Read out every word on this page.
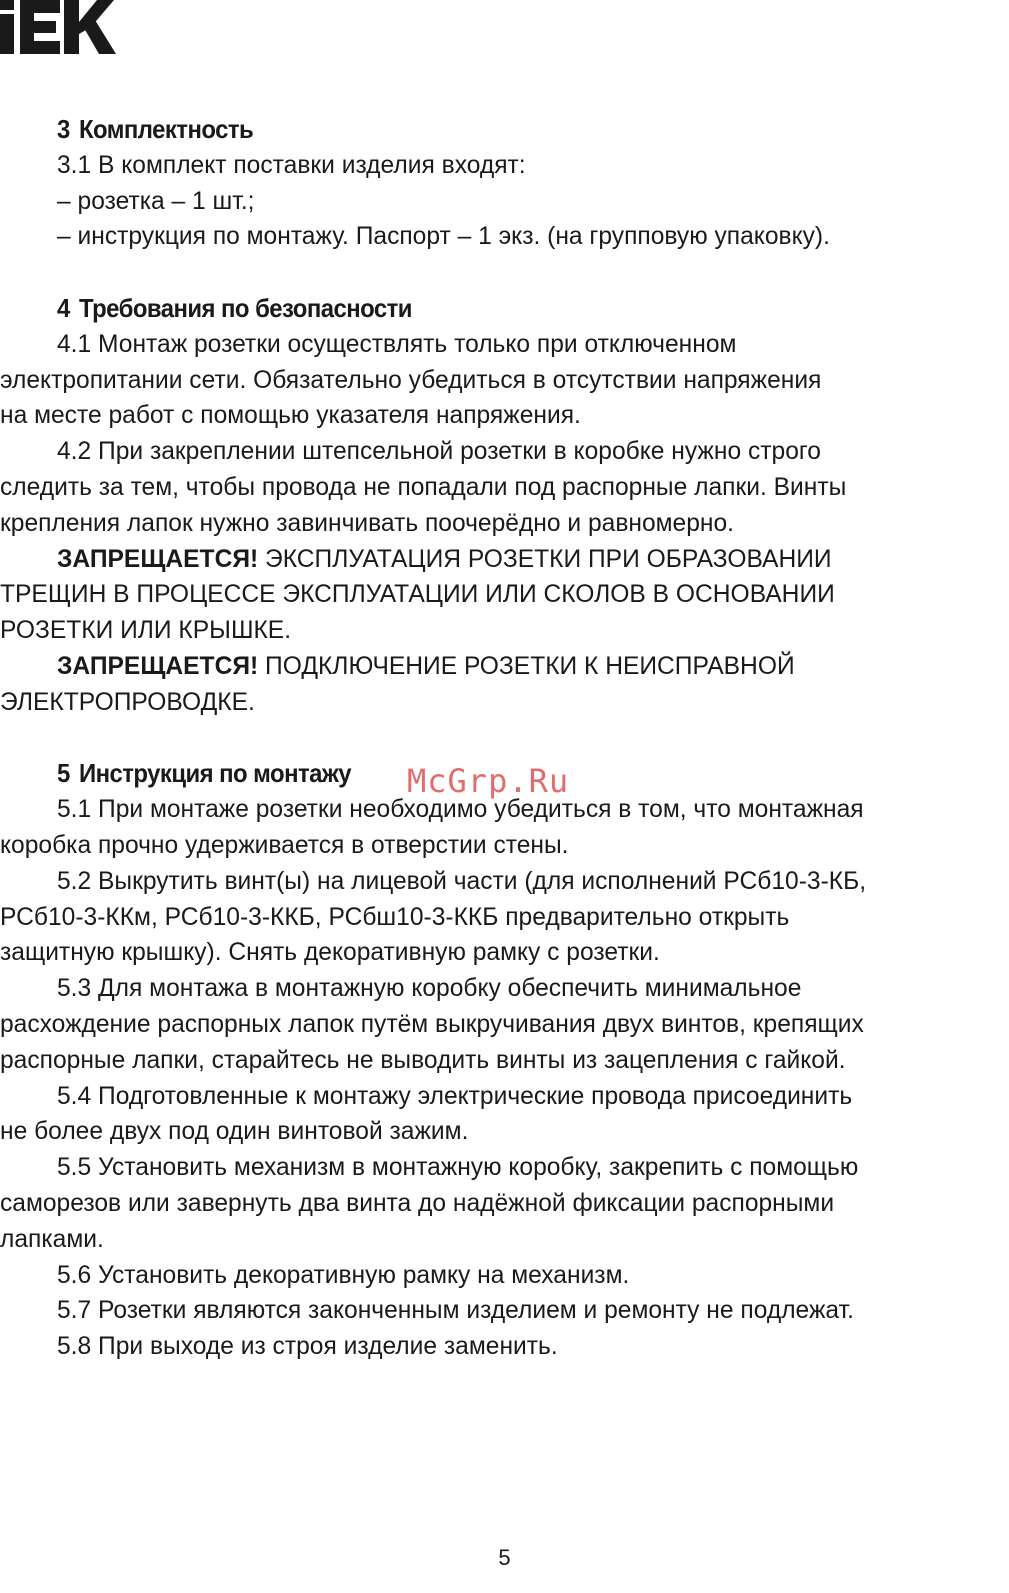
3 Комплектность
3.1 В комплект поставки изделия входят:
– розетка – 1 шт.;
– инструкция по монтажу. Паспорт – 1 экз. (на групповую упаковку).
4 Требования по безопасности
4.1 Монтаж розетки осуществлять только при отключенном
электропитании сети. Обязательно убедиться в отсутствии напряжения
на месте работ с помощью указателя напряжения.
4.2 При закреплении штепсельной розетки в коробке нужно строго
следить за тем, чтобы провода не попадали под распорные лапки. Винты
крепления лапок нужно завинчивать поочерёдно и равномерно.
ЗАПРЕЩАЕТСЯ! ЭКСПЛУАТАЦИЯ РОЗЕТКИ ПРИ ОБРАЗОВАНИИ
ТРЕЩИН В ПРОЦЕССЕ ЭКСПЛУАТАЦИИ ИЛИ СКОЛОВ В ОСНОВАНИИ
РОЗЕТКИ ИЛИ КРЫШКЕ.
ЗАПРЕЩАЕТСЯ! ПОДКЛЮЧЕНИЕ РОЗЕТКИ К НЕИСПРАВНОЙ
ЭЛЕКТРОПРОВОДКЕ.
5 Инструкция по монтажу
5.1 При монтаже розетки необходимо убедиться в том, что монтажная
коробка прочно удерживается в отверстии стены.
5.2 Выкрутить винт(ы) на лицевой части (для исполнений РСб10-3-КБ,
РСб10-3-ККм, РСб10-3-ККБ, РСбш10-3-ККБ предварительно открыть
защитную крышку). Снять декоративную рамку с розетки.
5.3 Для монтажа в монтажную коробку обеспечить минимальное
расхождение распорных лапок путём выкручивания двух винтов, крепящих
распорные лапки, старайтесь не выводить винты из зацепления с гайкой.
5.4 Подготовленные к монтажу электрические провода присоединить
не более двух под один винтовой зажим.
5.5 Установить механизм в монтажную коробку, закрепить с помощью
саморезов или завернуть два винта до надёжной фиксации распорными
лапками.
5.6 Установить декоративную рамку на механизм.
5.7 Розетки являются законченным изделием и ремонту не подлежат.
5.8 При выходе из строя изделие заменить.
McGrp.Ru
5
